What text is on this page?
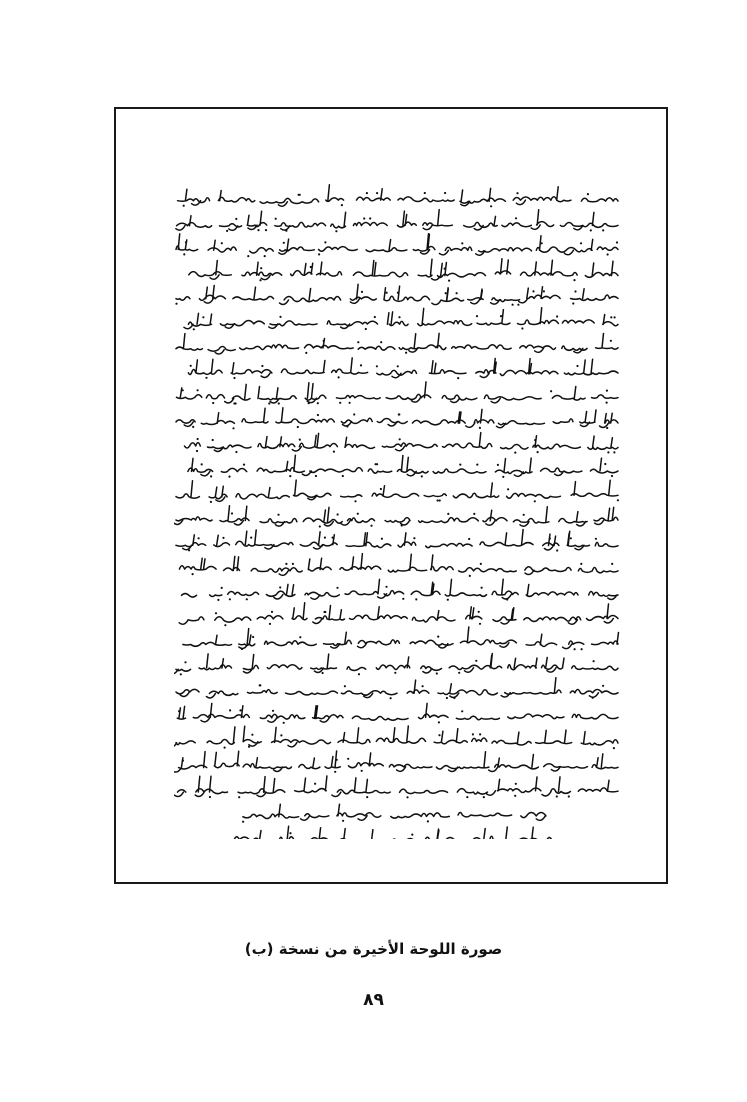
صورة اللوحة الأخيرة من نسخة (ب)
٨٩
